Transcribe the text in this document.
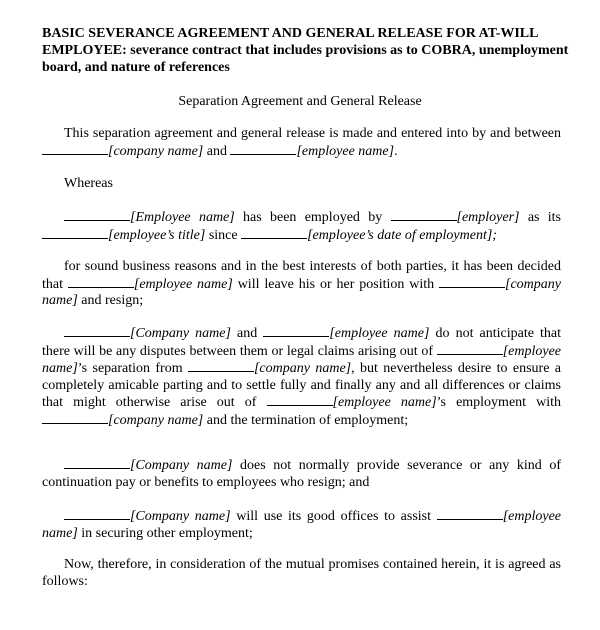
BASIC SEVERANCE AGREEMENT AND GENERAL RELEASE FOR AT-WILL EMPLOYEE: severance contract that includes provisions as to COBRA, unemployment board, and nature of references

Separation Agreement and General Release

This separation agreement and general release is made and entered into by and between [company name] and	[employee name].

Whereas

[Employee name] has been employed by	[employer] as its [employee’s title] since	[employee’s date of employment];

for sound business reasons and in the best interests of both parties, it has been decided that	[employee name] will leave his or her position with	[company name] and resign;

[Company name] and	[employee name] do not anticipate that there will be any disputes between them or legal claims arising out of	[employee name]’s separation from	[company name], but nevertheless desire to ensure a completely amicable parting and to settle fully and finally any and all differences or claims that might otherwise arise out of	[employee name]’s employment with [company name] and the termination of employment;

[Company name] does not normally provide severance or any kind of continuation pay or benefits to employees who resign; and

[Company name] will use its good offices to assist	[employee name] in securing other employment;

Now, therefore, in consideration of the mutual promises contained herein, it is agreed as follows:
